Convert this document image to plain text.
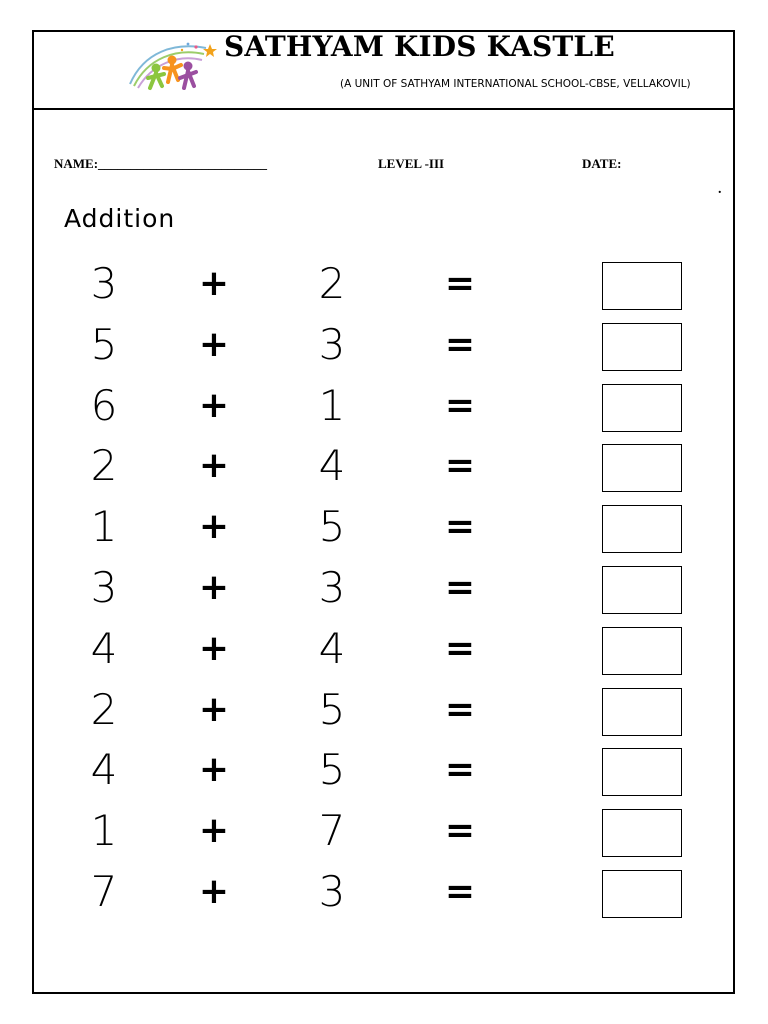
SATHYAM KIDS KASTLE
(A UNIT OF SATHYAM INTERNATIONAL SCHOOL-CBSE, VELLAKOVIL)
NAME:__________________________	LEVEL -III	DATE:
.
Addition
3	+	2	=
5	+	3	=
6	+	1	=
2	+	4	=
1	+	5	=
3	+	3	=
4	+	4	=
2	+	5	=
4	+	5	=
1	+	7	=
7	+	3	=
